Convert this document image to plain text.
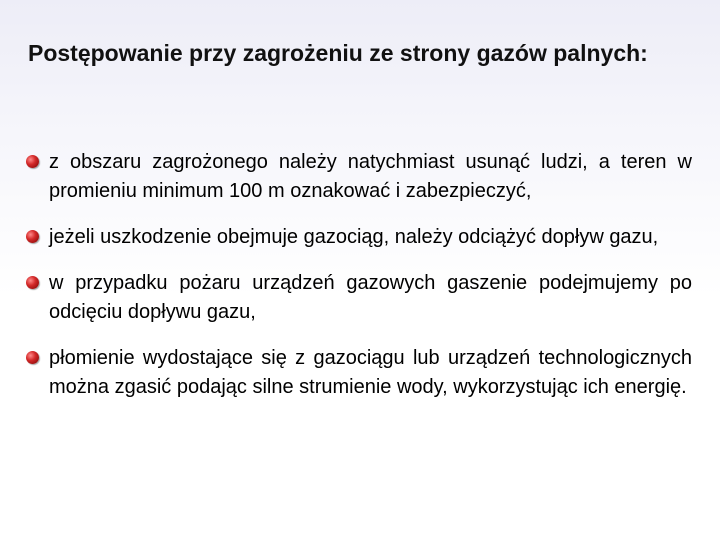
Postępowanie przy zagrożeniu ze strony gazów palnych:
z obszaru zagrożonego należy natychmiast usunąć ludzi, a teren w promieniu minimum 100 m oznakować i zabezpieczyć,
jeżeli uszkodzenie obejmuje gazociąg, należy odciążyć dopływ gazu,
w przypadku pożaru urządzeń gazowych gaszenie podejmujemy po odcięciu dopływu gazu,
płomienie wydostające się z gazociągu lub urządzeń technologicznych można zgasić podając silne strumienie wody, wykorzystując ich energię.
